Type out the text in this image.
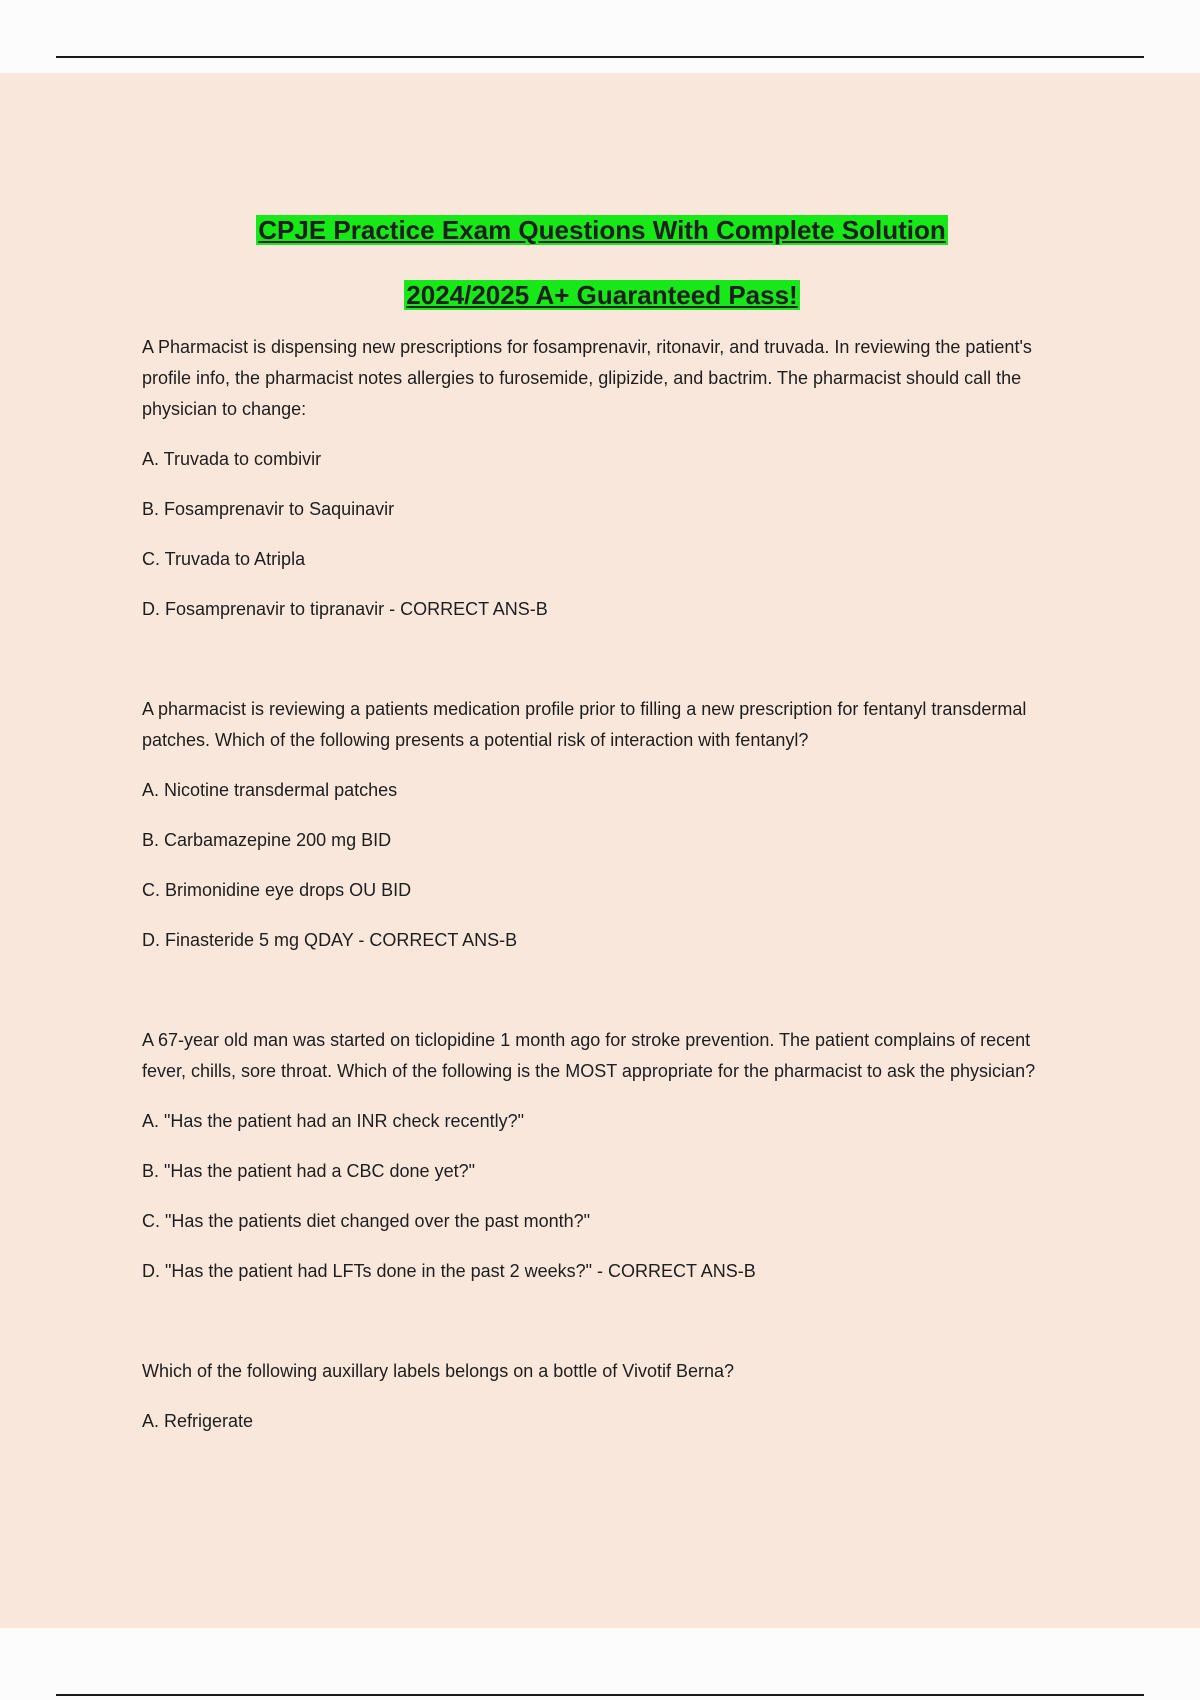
CPJE Practice Exam Questions With Complete Solution

2024/2025 A+ Guaranteed Pass!

A Pharmacist is dispensing new prescriptions for fosamprenavir, ritonavir, and truvada. In reviewing the patient's profile info, the pharmacist notes allergies to furosemide, glipizide, and bactrim. The pharmacist should call the physician to change:

A. Truvada to combivir

B. Fosamprenavir to Saquinavir

C. Truvada to Atripla

D. Fosamprenavir to tipranavir - CORRECT ANS-B

A pharmacist is reviewing a patients medication profile prior to filling a new prescription for fentanyl transdermal patches. Which of the following presents a potential risk of interaction with fentanyl?

A. Nicotine transdermal patches

B. Carbamazepine 200 mg BID

C. Brimonidine eye drops OU BID

D. Finasteride 5 mg QDAY - CORRECT ANS-B

A 67-year old man was started on ticlopidine 1 month ago for stroke prevention. The patient complains of recent fever, chills, sore throat. Which of the following is the MOST appropriate for the pharmacist to ask the physician?

A. "Has the patient had an INR check recently?"

B. "Has the patient had a CBC done yet?"

C. "Has the patients diet changed over the past month?"

D. "Has the patient had LFTs done in the past 2 weeks?" - CORRECT ANS-B

Which of the following auxillary labels belongs on a bottle of Vivotif Berna?

A. Refrigerate
